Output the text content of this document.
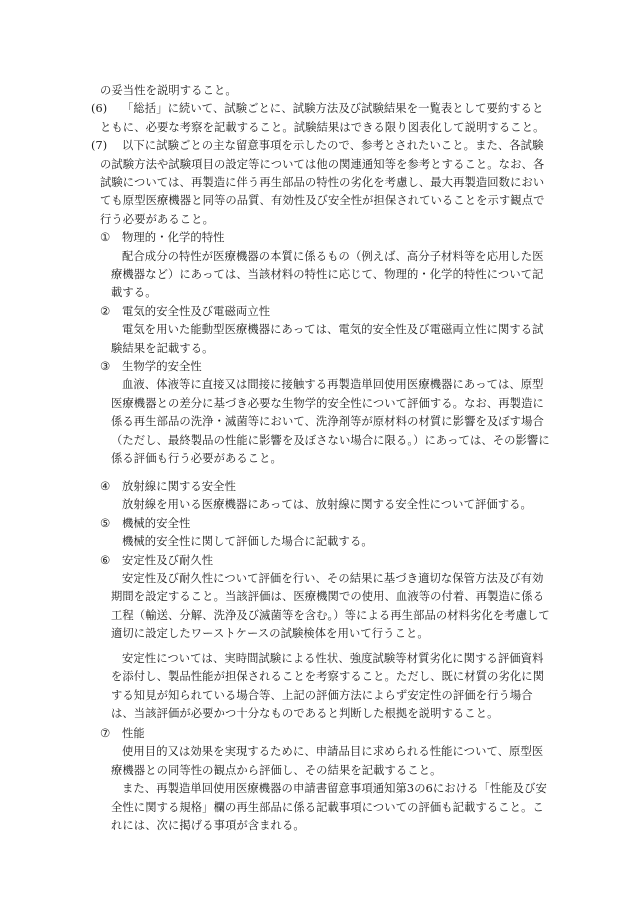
の妥当性を説明すること。
(6)	「総括」に続いて、試験ごとに、試験方法及び試験結果を一覧表として要約すると
ともに、必要な考察を記載すること。試験結果はできる限り図表化して説明すること。
(7)	以下に試験ごとの主な留意事項を示したので、参考とされたいこと。また、各試験
の試験方法や試験項目の設定等については他の関連通知等を参考とすること。なお、各
試験については、再製造に伴う再生部品の特性の劣化を考慮し、最大再製造回数におい
ても原型医療機器と同等の品質、有効性及び安全性が担保されていることを示す観点で
行う必要があること。
① 物理的・化学的特性
配合成分の特性が医療機器の本質に係るもの（例えば、高分子材料等を応用した医
療機器など）にあっては、当該材料の特性に応じて、物理的・化学的特性について記
載する。
② 電気的安全性及び電磁両立性
電気を用いた能動型医療機器にあっては、電気的安全性及び電磁両立性に関する試
験結果を記載する。
③ 生物学的安全性
血液、体液等に直接又は間接に接触する再製造単回使用医療機器にあっては、原型
医療機器との差分に基づき必要な生物学的安全性について評価する。なお、再製造に
係る再生部品の洗浄・滅菌等において、洗浄剤等が原材料の材質に影響を及ぼす場合
（ただし、最終製品の性能に影響を及ぼさない場合に限る。）にあっては、その影響に
係る評価も行う必要があること。
④ 放射線に関する安全性
放射線を用いる医療機器にあっては、放射線に関する安全性について評価する。
⑤ 機械的安全性
機械的安全性に関して評価した場合に記載する。
⑥ 安定性及び耐久性
安定性及び耐久性について評価を行い、その結果に基づき適切な保管方法及び有効
期間を設定すること。当該評価は、医療機関での使用、血液等の付着、再製造に係る
工程（輸送、分解、洗浄及び滅菌等を含む。）等による再生部品の材料劣化を考慮して
適切に設定したワーストケースの試験検体を用いて行うこと。
安定性については、実時間試験による性状、強度試験等材質劣化に関する評価資料
を添付し、製品性能が担保されることを考察すること。ただし、既に材質の劣化に関
する知見が知られている場合等、上記の評価方法によらず安定性の評価を行う場合
は、当該評価が必要かつ十分なものであると判断した根拠を説明すること。
⑦ 性能
使用目的又は効果を実現するために、申請品目に求められる性能について、原型医
療機器との同等性の観点から評価し、その結果を記載すること。
また、再製造単回使用医療機器の申請書留意事項通知第3の6における「性能及び安
全性に関する規格」欄の再生部品に係る記載事項についての評価も記載すること。こ
れには、次に掲げる事項が含まれる。
